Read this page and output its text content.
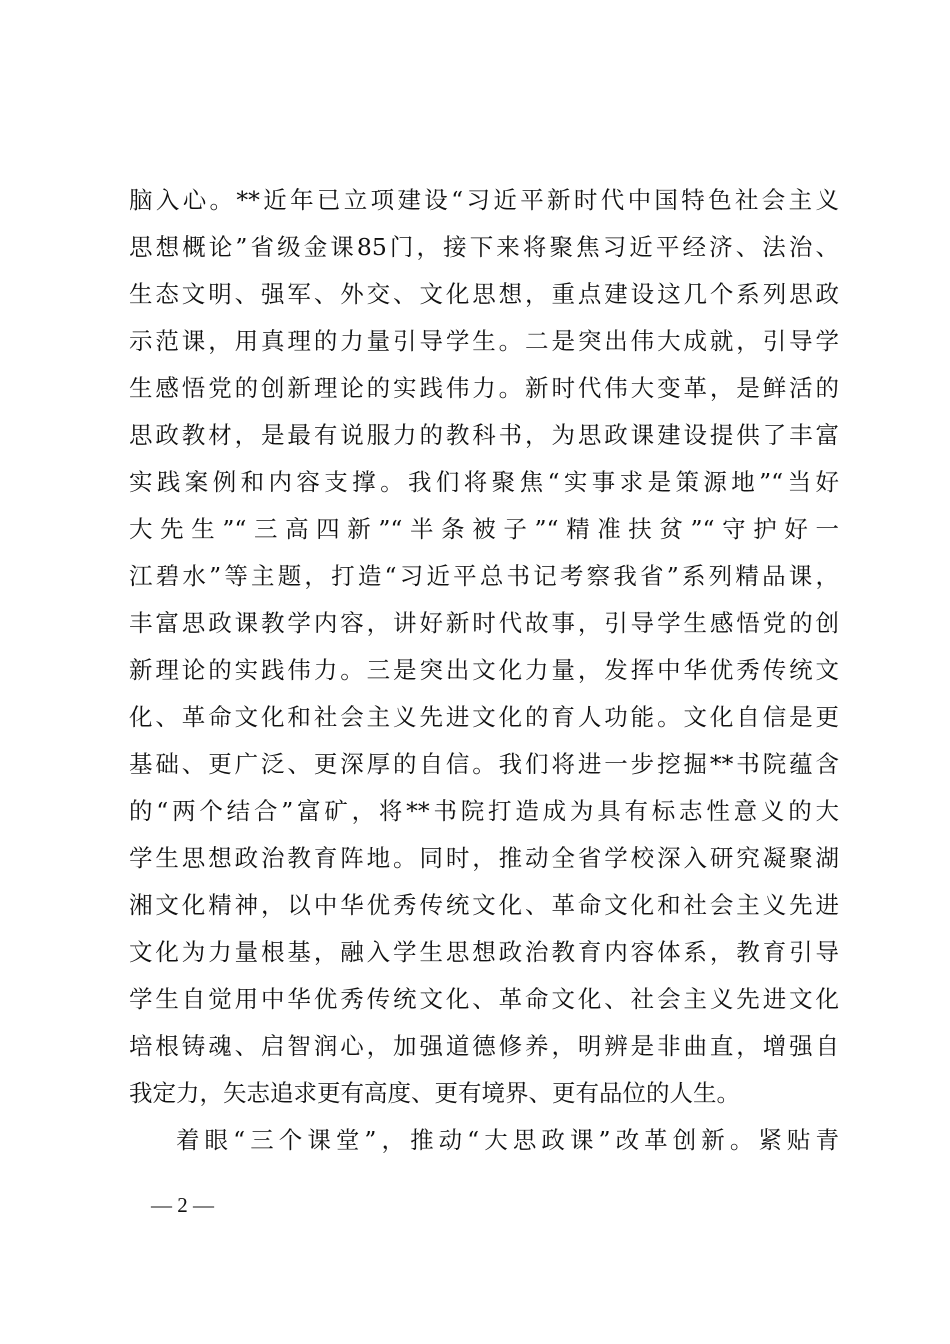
脑入心。**近年已立项建设“习近平新时代中国特色社会主义
思想概论”省级金课85门，接下来将聚焦习近平经济、法治、
生态文明、强军、外交、文化思想，重点建设这几个系列思政
示范课，用真理的力量引导学生。二是突出伟大成就，引导学
生感悟党的创新理论的实践伟力。新时代伟大变革，是鲜活的
思政教材，是最有说服力的教科书，为思政课建设提供了丰富
实践案例和内容支撑。我们将聚焦“实事求是策源地”“当好
大先生”“三高四新”“半条被子”“精准扶贫”“守护好一
江碧水”等主题，打造“习近平总书记考察我省”系列精品课，
丰富思政课教学内容，讲好新时代故事，引导学生感悟党的创
新理论的实践伟力。三是突出文化力量，发挥中华优秀传统文
化、革命文化和社会主义先进文化的育人功能。文化自信是更
基础、更广泛、更深厚的自信。我们将进一步挖掘**书院蕴含
的“两个结合”富矿，将**书院打造成为具有标志性意义的大
学生思想政治教育阵地。同时，推动全省学校深入研究凝聚湖
湘文化精神，以中华优秀传统文化、革命文化和社会主义先进
文化为力量根基，融入学生思想政治教育内容体系，教育引导
学生自觉用中华优秀传统文化、革命文化、社会主义先进文化
培根铸魂、启智润心，加强道德修养，明辨是非曲直，增强自
我定力，矢志追求更有高度、更有境界、更有品位的人生。
着眼“三个课堂”，推动“大思政课”改革创新。紧贴青
— 2 —
